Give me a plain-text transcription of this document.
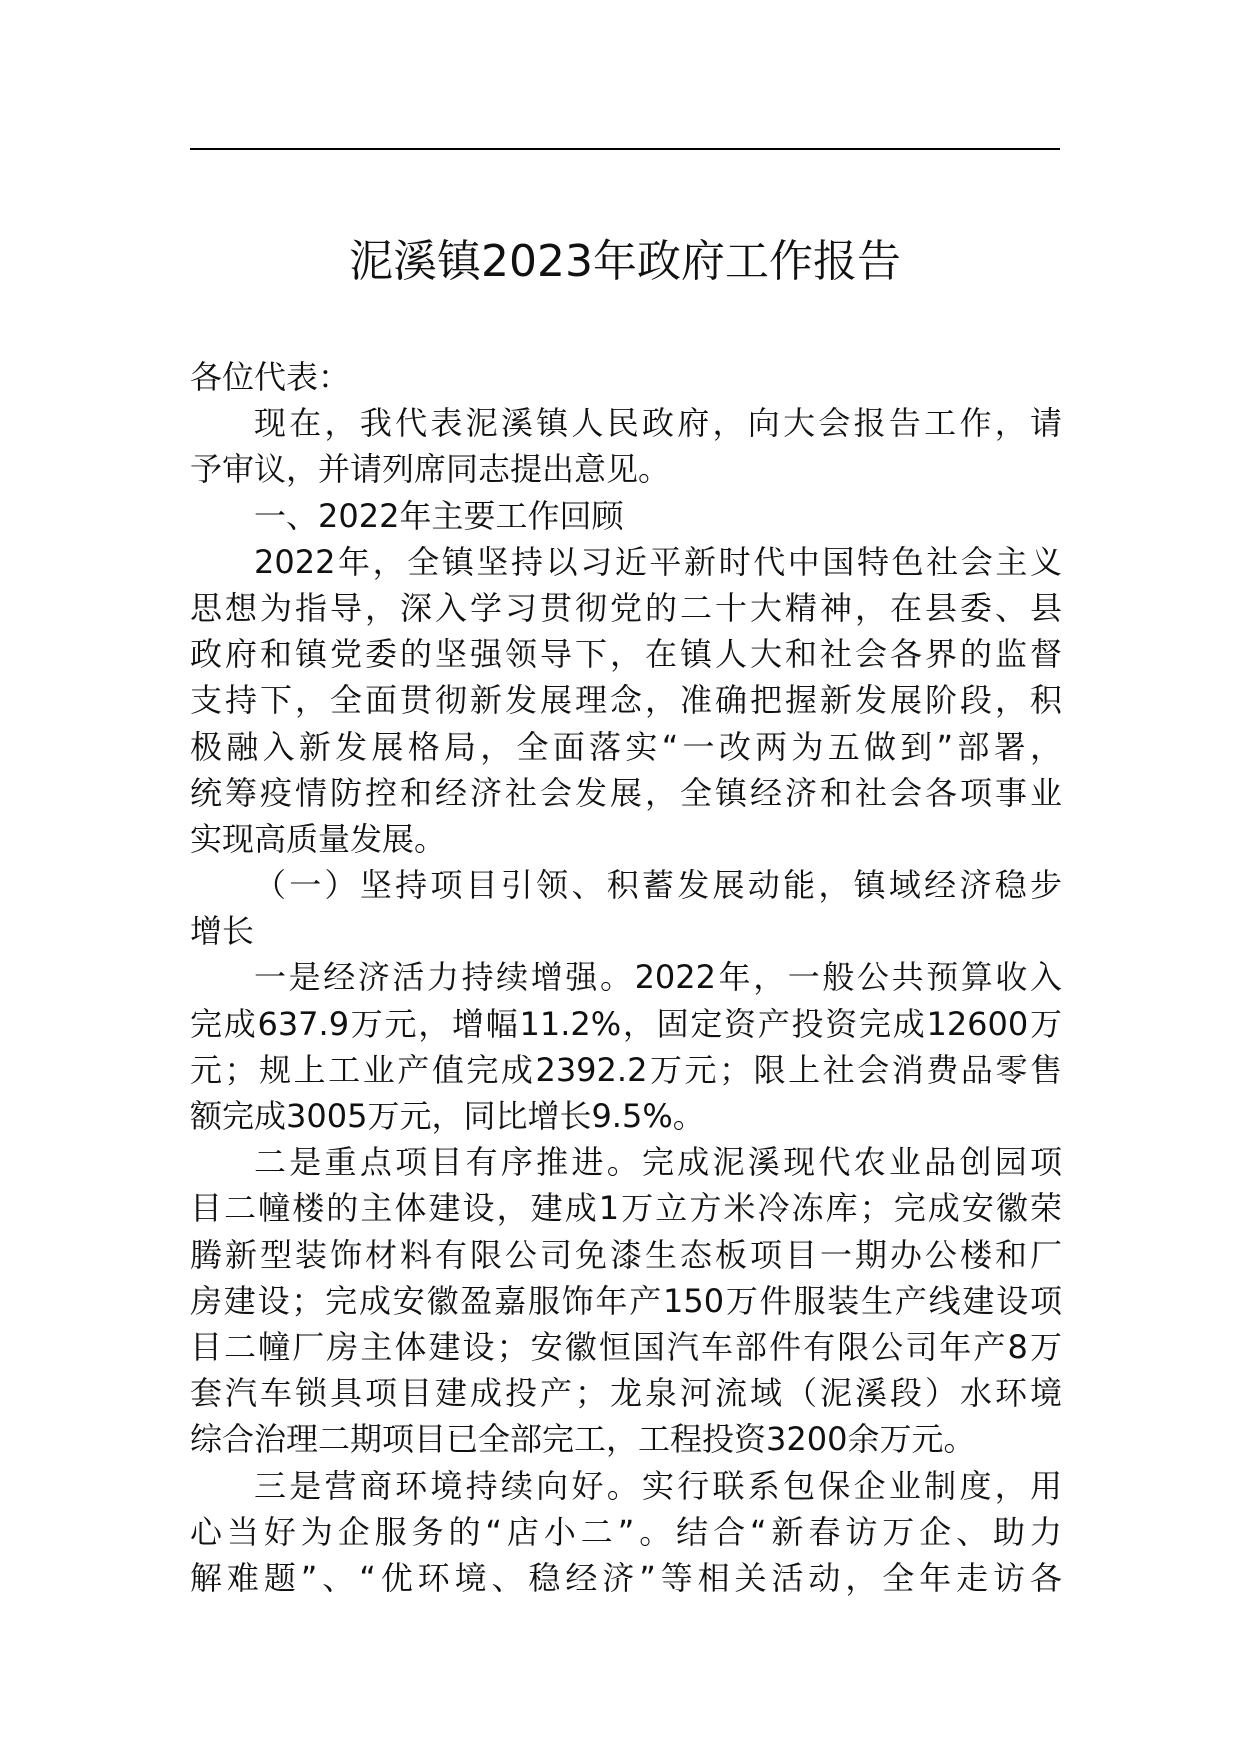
泥溪镇2023年政府工作报告
各位代表：
现在，我代表泥溪镇人民政府，向大会报告工作，请
予审议，并请列席同志提出意见。
一、2022年主要工作回顾
2022年，全镇坚持以习近平新时代中国特色社会主义
思想为指导，深入学习贯彻党的二十大精神，在县委、县
政府和镇党委的坚强领导下，在镇人大和社会各界的监督
支持下，全面贯彻新发展理念，准确把握新发展阶段，积
极融入新发展格局，全面落实“一改两为五做到”部署，
统筹疫情防控和经济社会发展，全镇经济和社会各项事业
实现高质量发展。
（一）坚持项目引领、积蓄发展动能，镇域经济稳步
增长
一是经济活力持续增强。2022年，一般公共预算收入
完成637.9万元，增幅11.2%，固定资产投资完成12600万
元；规上工业产值完成2392.2万元；限上社会消费品零售
额完成3005万元，同比增长9.5%。
二是重点项目有序推进。完成泥溪现代农业品创园项
目二幢楼的主体建设，建成1万立方米冷冻库；完成安徽荣
腾新型装饰材料有限公司免漆生态板项目一期办公楼和厂
房建设；完成安徽盈嘉服饰年产150万件服装生产线建设项
目二幢厂房主体建设；安徽恒国汽车部件有限公司年产8万
套汽车锁具项目建成投产；龙泉河流域（泥溪段）水环境
综合治理二期项目已全部完工，工程投资3200余万元。
三是营商环境持续向好。实行联系包保企业制度，用
心当好为企服务的“店小二”。结合“新春访万企、助力
解难题”、“优环境、稳经济”等相关活动，全年走访各
